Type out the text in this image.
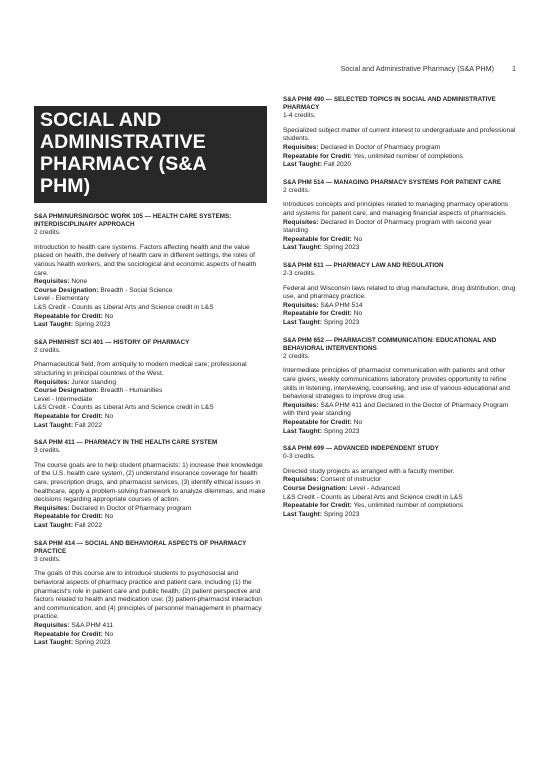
Social and Administrative Pharmacy (S&A PHM)	1
SOCIAL AND
ADMINISTRATIVE
PHARMACY (S&A PHM)

S&A PHM/NURSING/SOC WORK 105 — HEALTH CARE SYSTEMS: INTERDISCIPLINARY APPROACH

2 credits.

Introduction to health care systems. Factors affecting health and the value placed on health, the delivery of health care in different settings, the roles of various health workers, and the sociological and economic aspects of health care.

Requisites: None

Course Designation: Breadth - Social Science

Level - Elementary

L&S Credit - Counts as Liberal Arts and Science credit in L&S

Repeatable for Credit: No

Last Taught: Spring 2023

S&A PHM/HIST SCI 401 — HISTORY OF PHARMACY

2 credits.

Pharmaceutical field, from antiquity to modern medical care; professional structuring in principal countries of the West.

Requisites: Junior standing

Course Designation: Breadth - Humanities

Level - Intermediate

L&S Credit - Counts as Liberal Arts and Science credit in L&S

Repeatable for Credit: No

Last Taught: Fall 2022

S&A PHM 411 — PHARMACY IN THE HEALTH CARE SYSTEM

3 credits.

The course goals are to help student pharmacists: 1) increase their knowledge of the U.S. health care system, (2) understand insurance coverage for health care, prescription drugs, and pharmacist services, (3) identify ethical issues in healthcare, apply a problem-solving framework to analyze dilemmas, and make decisions regarding appropriate courses of action.

Requisites: Declared in Doctor of Pharmacy program

Repeatable for Credit: No

Last Taught: Fall 2022

S&A PHM 414 — SOCIAL AND BEHAVIORAL ASPECTS OF PHARMACY PRACTICE

3 credits.

The goals of this course are to introduce students to psychosocial and behavioral aspects of pharmacy practice and patient care, including (1) the pharmacist's role in patient care and public health; (2) patient perspective and factors related to health and medication use; (3) patient-pharmacist interaction and communication; and (4) principles of personnel management in pharmacy practice.

Requisites: S&A PHM 411

Repeatable for Credit: No

Last Taught: Spring 2023

S&A PHM 490 — SELECTED TOPICS IN SOCIAL AND ADMINISTRATIVE PHARMACY

1-4 credits.

Specialized subject matter of current interest to undergraduate and professional students.

Requisites: Declared in Doctor of Pharmacy program

Repeatable for Credit: Yes, unlimited number of completions

Last Taught: Fall 2020

S&A PHM 514 — MANAGING PHARMACY SYSTEMS FOR PATIENT CARE

2 credits.

Introduces concepts and principles related to managing pharmacy operations and systems for patient care, and managing financial aspects of pharmacies.

Requisites: Declared in Doctor of Pharmacy program with second year standing

Repeatable for Credit: No

Last Taught: Spring 2023

S&A PHM 611 — PHARMACY LAW AND REGULATION

2-3 credits.

Federal and Wisconsin laws related to drug manufacture, drug distribution, drug use, and pharmacy practice.

Requisites: S&A PHM 514

Repeatable for Credit: No

Last Taught: Spring 2023

S&A PHM 652 — PHARMACIST COMMUNICATION: EDUCATIONAL AND BEHAVIORAL INTERVENTIONS

2 credits.

Intermediate principles of pharmacist communication with patients and other care givers; weekly communications laboratory provides opportunity to refine skills in listening, interviewing, counseling, and use of various educational and behavioral strategies to improve drug use.

Requisites: S&A PHM 411 and Declared in the Doctor of Pharmacy Program with third year standing

Repeatable for Credit: No

Last Taught: Spring 2023

S&A PHM 699 — ADVANCED INDEPENDENT STUDY

0-3 credits.

Directed study projects as arranged with a faculty member.

Requisites: Consent of instructor

Course Designation: Level - Advanced

L&S Credit - Counts as Liberal Arts and Science credit in L&S

Repeatable for Credit: Yes, unlimited number of completions

Last Taught: Spring 2023
